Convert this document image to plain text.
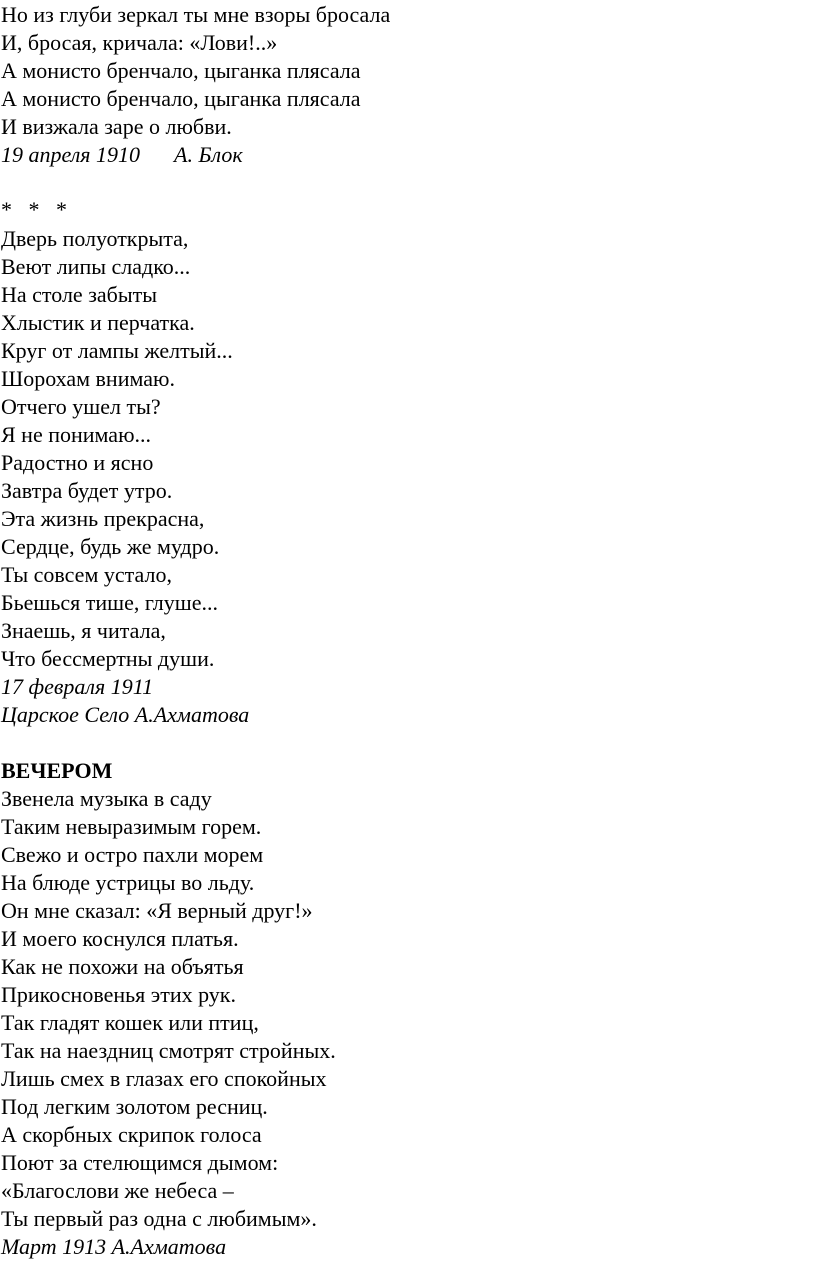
Но из глуби зеркал ты мне взоры бросала
И, бросая, кричала: «Лови!..»
А монисто бренчало, цыганка плясала
А монисто бренчало, цыганка плясала
И визжала заре о любви.
19 апреля 1910 А. Блок
*   *   *
Дверь полуоткрыта,
Веют липы сладко...
На столе забыты
Хлыстик и перчатка.
Круг от лампы желтый...
Шорохам внимаю.
Отчего ушел ты?
Я не понимаю...
Радостно и ясно
Завтра будет утро.
Эта жизнь прекрасна,
Сердце, будь же мудро.
Ты совсем устало,
Бьешься тише, глуше...
Знаешь, я читала,
Что бессмертны души.
17 февраля 1911
Царское Село А.Ахматова
ВЕЧЕРОМ
Звенела музыка в саду
Таким невыразимым горем.
Свежо и остро пахли морем
На блюде устрицы во льду.
Он мне сказал: «Я верный друг!»
И моего коснулся платья.
Как не похожи на объятья
Прикосновенья этих рук.
Так гладят кошек или птиц,
Так на наездниц смотрят стройных.
Лишь смех в глазах его спокойных
Под легким золотом ресниц.
А скорбных скрипок голоса
Поют за стелющимся дымом:
«Благослови же небеса –
Ты первый раз одна с любимым».
Март 1913 А.Ахматова
